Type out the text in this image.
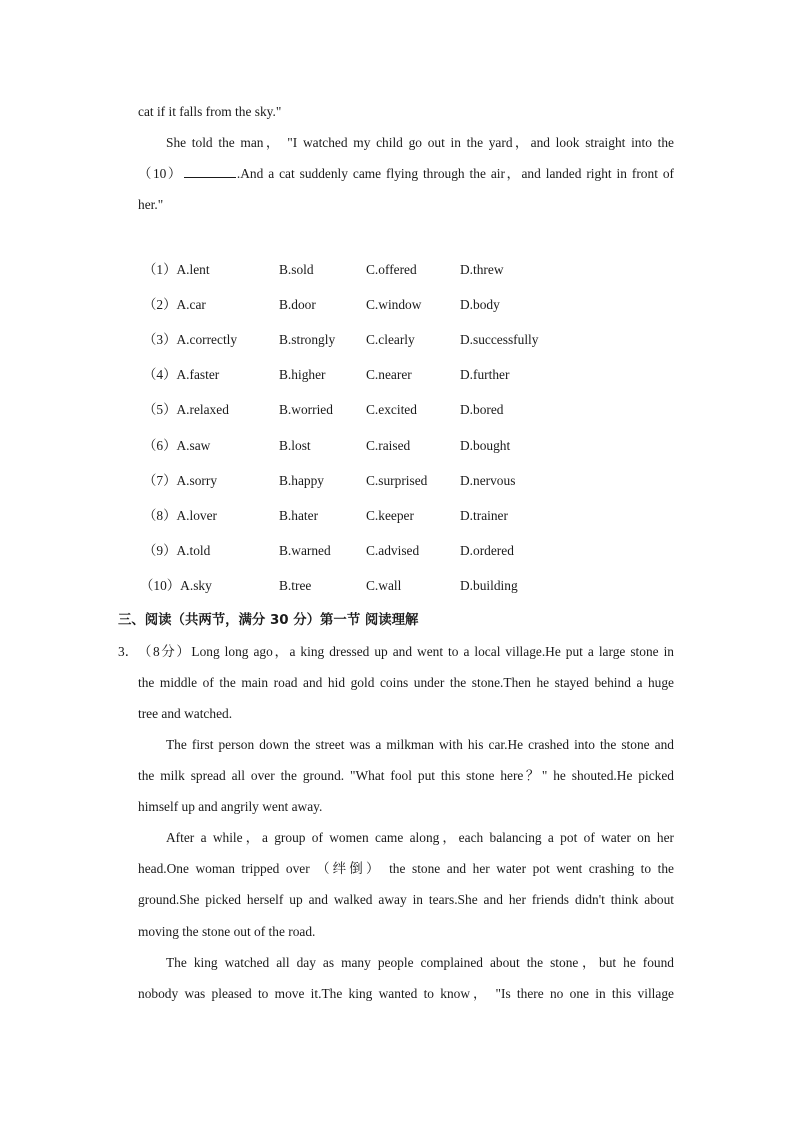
cat if it falls from the sky."
She told the man， "I watched my child go out in the yard，and look straight into the
（10）	.And a cat suddenly came flying through the air，and landed right in front of
her."
（1）A.lent	B.sold	C.offered	D.threw
（2）A.car	B.door	C.window	D.body
（3）A.correctly	B.strongly C.clearly	D.successfully
（4）A.faster	B.higher	C.nearer	D.further
（5）A.relaxed	B.worried C.excited	D.bored
（6）A.saw	B.lost	C.raised	D.bought
（7）A.sorry	B.happy	C.surprised D.nervous
（8）A.lover	B.hater	C.keeper	D.trainer
（9）A.told	B.warned	C.advised	D.ordered
（10）A.sky	B.tree	C.wall	D.building
三、阅读（共两节，满分 30 分）第一节 阅读理解
3． （8分）Long long ago，a king dressed up and went to a local village.He put a large stone in
the middle of the main road and hid gold coins under the stone.Then he stayed behind a huge
tree and watched.
The first person down the street was a milkman with his car.He crashed into the stone and
the milk spread all over the ground. "What fool put this stone here？" he shouted.He picked
himself up and angrily went away.
After a while，a group of women came along，each balancing a pot of water on her
head.One woman tripped over （绊倒） the stone and her water pot went crashing to the
ground.She picked herself up and walked away in tears.She and her friends didn't think about
moving the stone out of the road.
The king watched all day as many people complained about the stone，but he found
nobody was pleased to move it.The king wanted to know， "Is there no one in this village
